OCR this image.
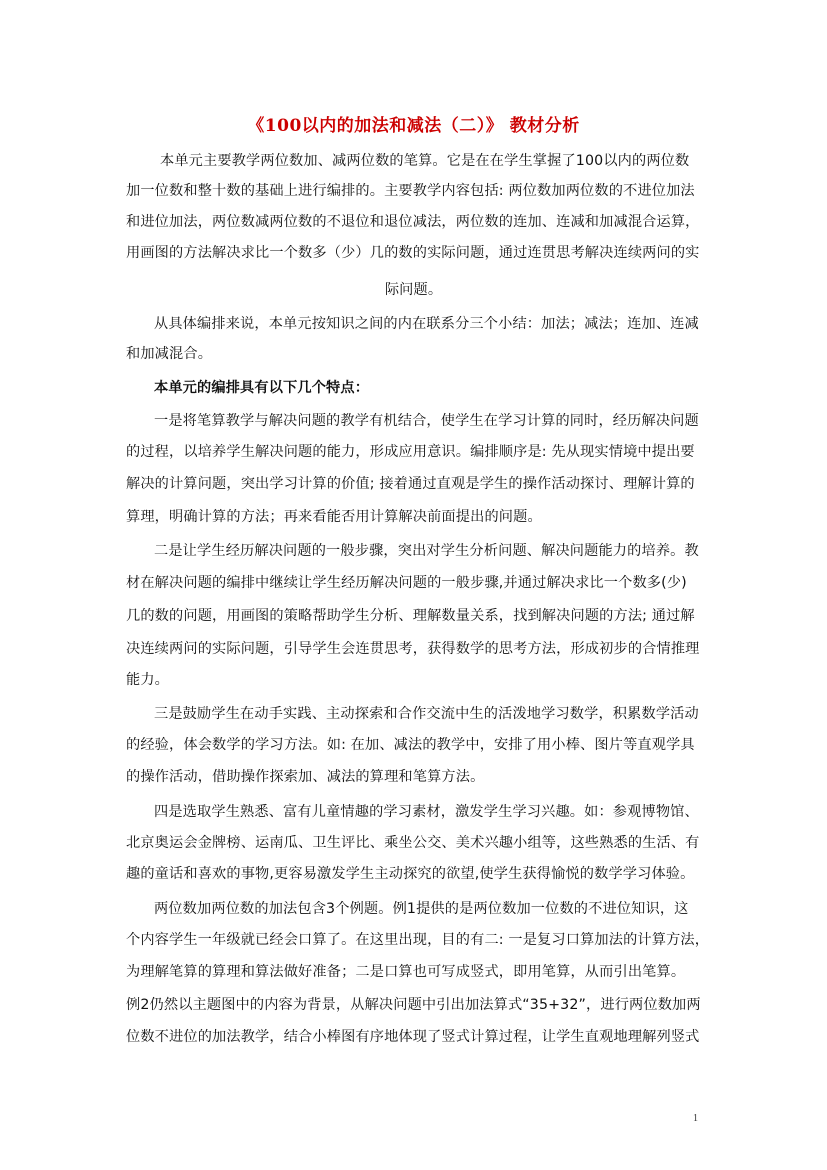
《100以内的加法和减法（二）》 教材分析
本单元主要教学两位数加、减两位数的笔算。它是在在学生掌握了100以内的两位数
加一位数和整十数的基础上进行编排的。主要教学内容包括: 两位数加两位数的不进位加法
和进位加法，两位数减两位数的不退位和退位减法，两位数的连加、连减和加减混合运算，
用画图的方法解决求比一个数多（少）几的数的实际问题，通过连贯思考解决连续两问的实
际问题。
从具体编排来说，本单元按知识之间的内在联系分三个小结：加法；减法；连加、连减
和加减混合。
本单元的编排具有以下几个特点：
一是将笔算教学与解决问题的教学有机结合，使学生在学习计算的同时，经历解决问题
的过程，以培养学生解决问题的能力，形成应用意识。编排顺序是: 先从现实情境中提出要
解决的计算问题，突出学习计算的价值; 接着通过直观是学生的操作活动探讨、理解计算的
算理，明确计算的方法；再来看能否用计算解决前面提出的问题。
二是让学生经历解决问题的一般步骤，突出对学生分析问题、解决问题能力的培养。教
材在解决问题的编排中继续让学生经历解决问题的一般步骤,并通过解决求比一个数多(少)
几的数的问题，用画图的策略帮助学生分析、理解数量关系，找到解决问题的方法; 通过解
决连续两问的实际问题，引导学生会连贯思考，获得数学的思考方法，形成初步的合情推理
能力。
三是鼓励学生在动手实践、主动探索和合作交流中生的活泼地学习数学，积累数学活动
的经验，体会数学的学习方法。如: 在加、减法的教学中，安排了用小棒、图片等直观学具
的操作活动，借助操作探索加、减法的算理和笔算方法。
四是选取学生熟悉、富有儿童情趣的学习素材，激发学生学习兴趣。如：参观博物馆、
北京奥运会金牌榜、运南瓜、卫生评比、乘坐公交、美术兴趣小组等，这些熟悉的生活、有
趣的童话和喜欢的事物,更容易激发学生主动探究的欲望,使学生获得愉悦的数学学习体验。
两位数加两位数的加法包含3个例题。例1提供的是两位数加一位数的不进位知识，这
个内容学生一年级就已经会口算了。在这里出现，目的有二: 一是复习口算加法的计算方法，
为理解笔算的算理和算法做好准备；二是口算也可写成竖式，即用笔算，从而引出笔算。
例2仍然以主题图中的内容为背景，从解决问题中引出加法算式“35+32”，进行两位数加两
位数不进位的加法教学，结合小棒图有序地体现了竖式计算过程，让学生直观地理解列竖式
1
